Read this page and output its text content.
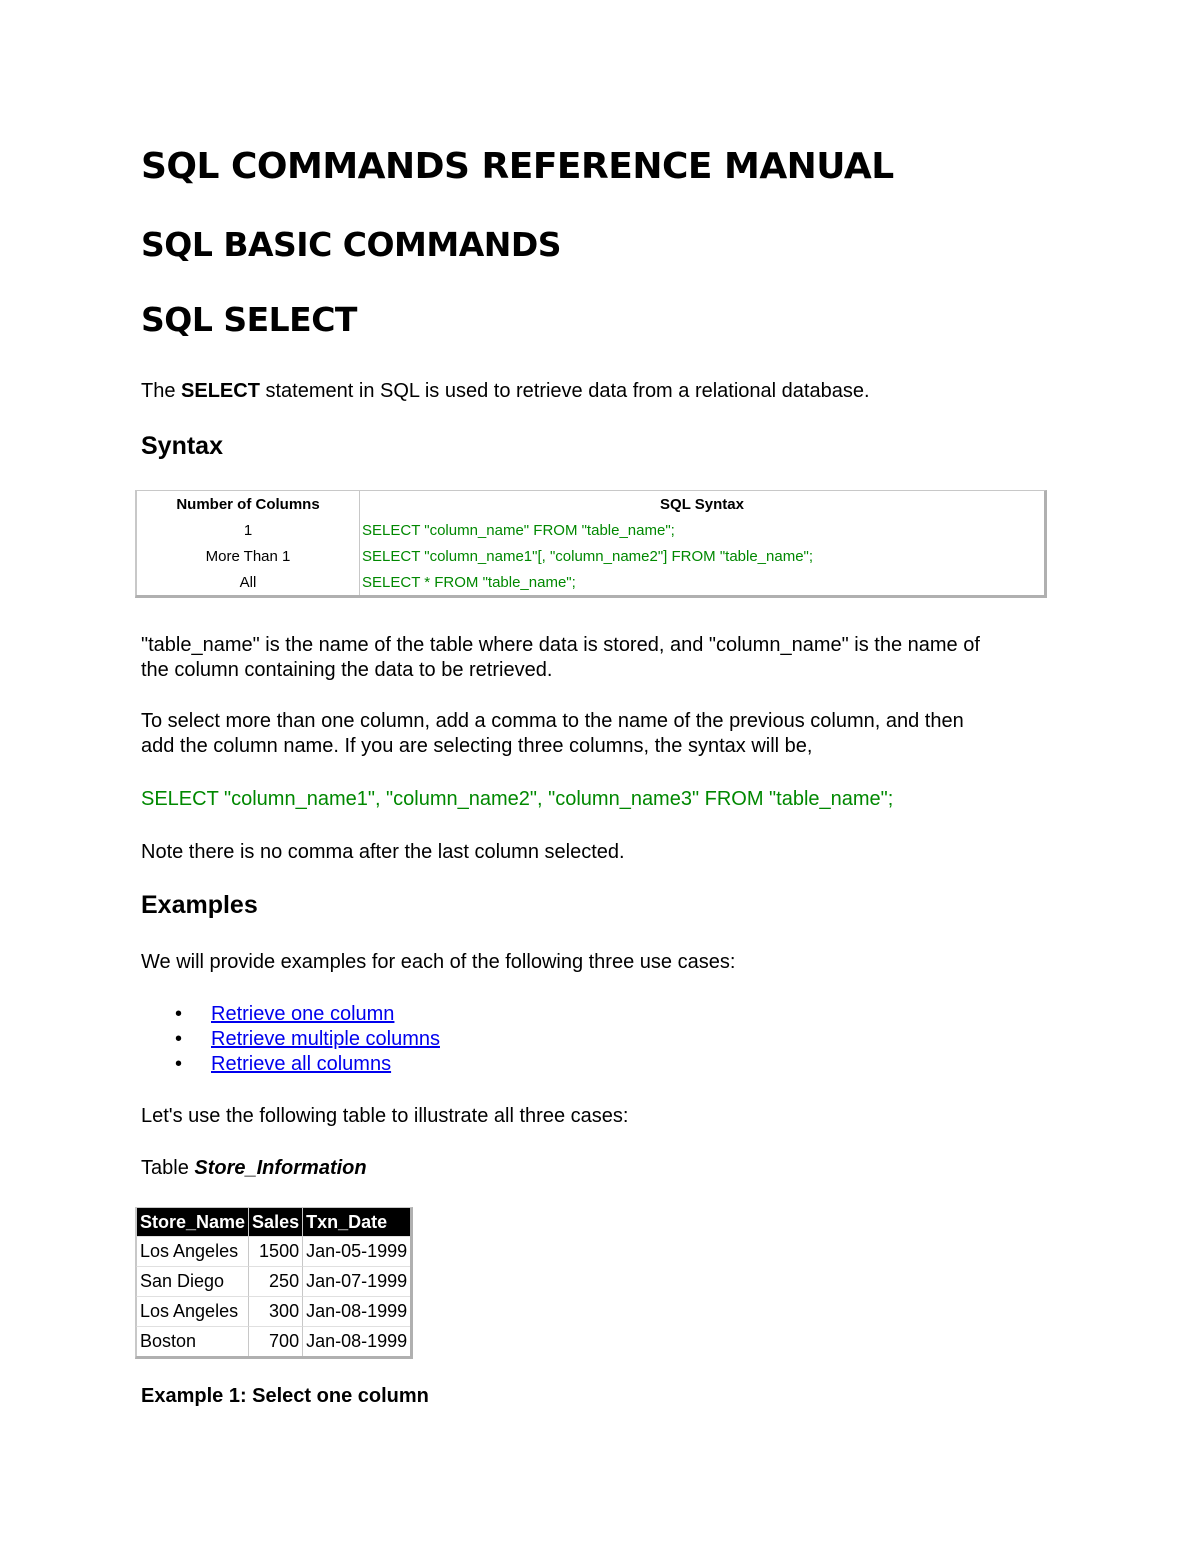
SQL COMMANDS REFERENCE MANUAL
SQL BASIC COMMANDS
SQL SELECT

The SELECT statement in SQL is used to retrieve data from a relational database.

Syntax
Number of Columns	SQL Syntax
1	SELECT "column_name" FROM "table_name";
More Than 1	SELECT "column_name1"[, "column_name2"] FROM "table_name";
All	SELECT * FROM "table_name";
"table_name" is the name of the table where data is stored, and "column_name" is the name of
the column containing the data to be retrieved.
To select more than one column, add a comma to the name of the previous column, and then
add the column name. If you are selecting three columns, the syntax will be,

SELECT "column_name1", "column_name2", "column_name3" FROM "table_name";

Note there is no comma after the last column selected.

Examples

We will provide examples for each of the following three use cases:

• Retrieve one column
• Retrieve multiple columns
• Retrieve all columns

Let's use the following table to illustrate all three cases:

Table Store_Information

Store_Name	Sales	Txn_Date
Los Angeles	1500	Jan-05-1999
San Diego	250	Jan-07-1999
Los Angeles	300	Jan-08-1999
Boston	700	Jan-08-1999

Example 1: Select one column
